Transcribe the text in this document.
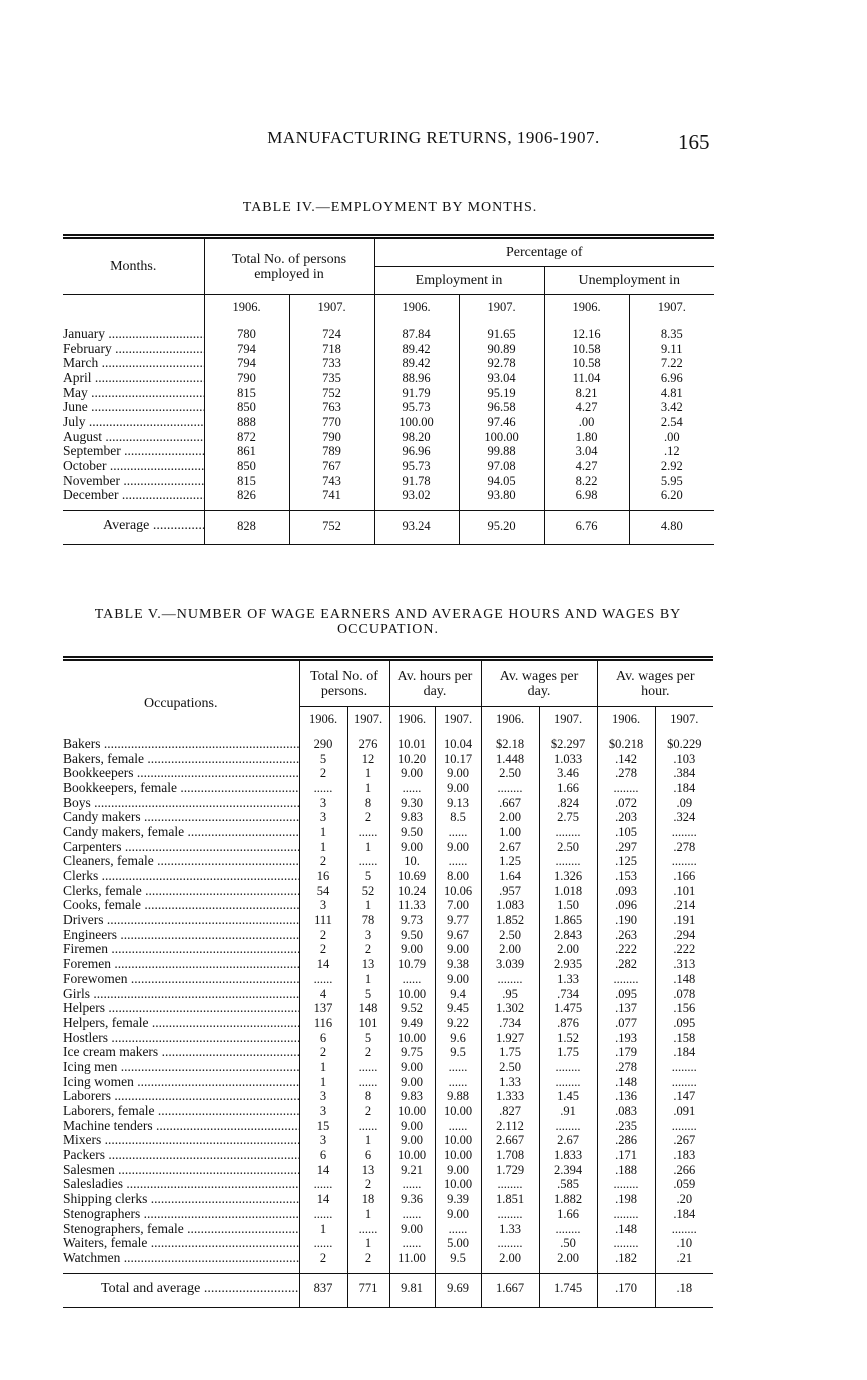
MANUFACTURING RETURNS, 1906-1907.	165
TABLE IV.—EMPLOYMENT BY MONTHS.
Months.	Total No. of persons employed in		Percentage of			
			Employment in		Unemployment in	
	1906.	1907.	1906.	1907.	1906.	1907.
January .....	780	724	87.84	91.65	12.16	8.35
February .....	794	718	89.42	90.89	10.58	9.11
March .....	794	733	89.42	92.78	10.58	7.22
April .....	790	735	88.96	93.04	11.04	6.96
May .....	815	752	91.79	95.19	8.21	4.81
June .....	850	763	95.73	96.58	4.27	3.42
July .....	888	770	100.00	97.46	.00	2.54
August .....	872	790	98.20	100.00	1.80	.00
September .....	861	789	96.96	99.88	3.04	.12
October .....	850	767	95.73	97.08	4.27	2.92
November .....	815	743	91.78	94.05	8.22	5.95
December .....	826	741	93.02	93.80	6.98	6.20

Average .....	828	752	93.24	95.20	6.76	4.80

TABLE V.—NUMBER OF WAGE EARNERS AND AVERAGE HOURS AND WAGES BY OCCUPATION.
Occupations.	Total No. of persons.		Av. hours per day.		Av. wages per day.		Av. wages per hour.	
	1906.	1907.	1906.	1907.	1906.	1907.	1906.	1907.
Bakers .....	290	276	10.01	10.04	$2.18	$2.297	$0.218	$0.229
Bakers, female .....	5	12	10.20	10.17	1.448	1.033	.142	.103
Bookkeepers .....	2	1	9.00	9.00	2.50	3.46	.278	.384
Bookkeepers, female .....	......	1	......	9.00	........	1.66	........	.184
Boys .....	3	8	9.30	9.13	.667	.824	.072	.09
Candy makers .....	3	2	9.83	8.5	2.00	2.75	.203	.324
Candy makers, female .....	1	......	9.50	......	1.00	........	.105	........
Carpenters .....	1	1	9.00	9.00	2.67	2.50	.297	.278
Cleaners, female .....	2	......	10.	......	1.25	........	.125	........
Clerks .....	16	5	10.69	8.00	1.64	1.326	.153	.166
Clerks, female .....	54	52	10.24	10.06	.957	1.018	.093	.101
Cooks, female .....	3	1	11.33	7.00	1.083	1.50	.096	.214
Drivers .....	111	78	9.73	9.77	1.852	1.865	.190	.191
Engineers .....	2	3	9.50	9.67	2.50	2.843	.263	.294
Firemen .....	2	2	9.00	9.00	2.00	2.00	.222	.222
Foremen .....	14	13	10.79	9.38	3.039	2.935	.282	.313
Forewomen .....	......	1	......	9.00	........	1.33	........	.148
Girls .....	4	5	10.00	9.4	.95	.734	.095	.078
Helpers .....	137	148	9.52	9.45	1.302	1.475	.137	.156
Helpers, female .....	116	101	9.49	9.22	.734	.876	.077	.095
Hostlers .....	6	5	10.00	9.6	1.927	1.52	.193	.158
Ice cream makers .....	2	2	9.75	9.5	1.75	1.75	.179	.184
Icing men .....	1	......	9.00	......	2.50	........	.278	........
Icing women .....	1	......	9.00	......	1.33	........	.148	........
Laborers .....	3	8	9.83	9.88	1.333	1.45	.136	.147
Laborers, female .....	3	2	10.00	10.00	.827	.91	.083	.091
Machine tenders .....	15	......	9.00	......	2.112	........	.235	........
Mixers .....	3	1	9.00	10.00	2.667	2.67	.286	.267
Packers .....	6	6	10.00	10.00	1.708	1.833	.171	.183
Salesmen .....	14	13	9.21	9.00	1.729	2.394	.188	.266
Salesladies .....	......	2	......	10.00	........	.585	........	.059
Shipping clerks .....	14	18	9.36	9.39	1.851	1.882	.198	.20
Stenographers .....	......	1	......	9.00	........	1.66	........	.184
Stenographers, female .....	1	......	9.00	......	1.33	........	.148	........
Waiters, female .....	......	1	......	5.00	........	.50	........	.10
Watchmen .....	2	2	11.00	9.5	2.00	2.00	.182	.21

Total and average .....	837	771	9.81	9.69	1.667	1.745	.170	.18
